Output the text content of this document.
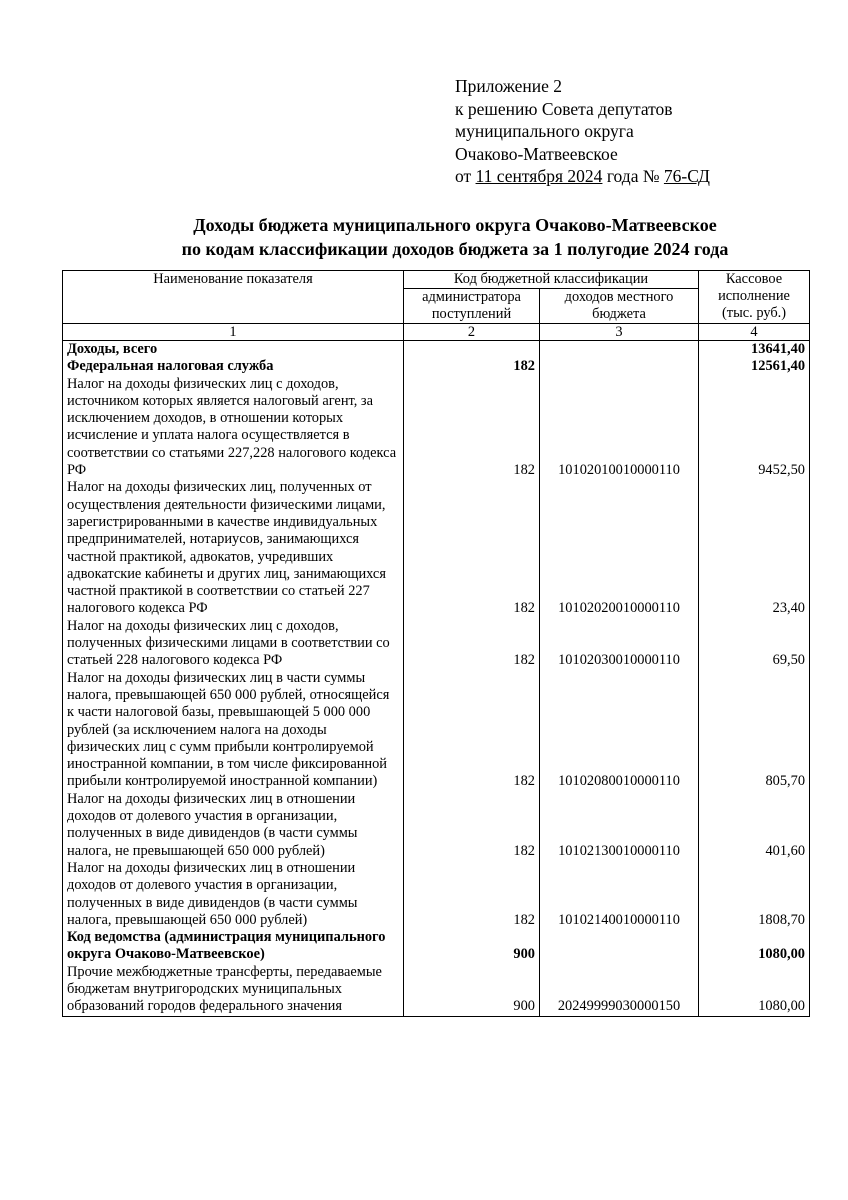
Приложение 2
к решению Совета депутатов
муниципального округа
Очаково-Матвеевское
от 11 сентября 2024 года № 76-СД
Доходы бюджета муниципального округа Очаково-Матвеевское
по кодам классификации доходов бюджета за 1 полугодие 2024 года
Наименование показателя	Код бюджетной классификации		Кассовое исполнение (тыс. руб.)
	администратора поступлений	доходов местного бюджета	
1	2	3	4
Доходы, всего			13641,40
Федеральная налоговая служба	182		12561,40
Налог на доходы физических лиц с доходов, источником которых является налоговый агент, за исключением доходов, в отношении которых исчисление и уплата налога осуществляется в соответствии со статьями 227,228 налогового кодекса РФ	182	10102010010000110	9452,50
Налог на доходы физических лиц, полученных от осуществления деятельности физическими лицами, зарегистрированными в качестве индивидуальных предпринимателей, нотариусов, занимающихся частной практикой, адвокатов, учредивших адвокатские кабинеты и других лиц, занимающихся частной практикой в соответствии со статьей 227 налогового кодекса РФ	182	10102020010000110	23,40
Налог на доходы физических лиц с доходов, полученных физическими лицами в соответствии со статьей 228 налогового кодекса РФ	182	10102030010000110	69,50
Налог на доходы физических лиц в части суммы налога, превышающей 650 000 рублей, относящейся к части налоговой базы, превышающей 5 000 000 рублей (за исключением налога на доходы физических лиц с сумм прибыли контролируемой иностранной компании, в том числе фиксированной прибыли контролируемой иностранной компании)	182	10102080010000110	805,70
Налог на доходы физических лиц в отношении доходов от долевого участия в организации, полученных в виде дивидендов (в части суммы налога, не превышающей 650 000 рублей)	182	10102130010000110	401,60
Налог на доходы физических лиц в отношении доходов от долевого участия в организации, полученных в виде дивидендов (в части суммы налога, превышающей 650 000 рублей)	182	10102140010000110	1808,70
Код ведомства (администрация муниципального округа Очаково-Матвеевское)	900		1080,00
Прочие межбюджетные трансферты, передаваемые бюджетам внутригородских муниципальных образований городов федерального значения	900	20249999030000150	1080,00
